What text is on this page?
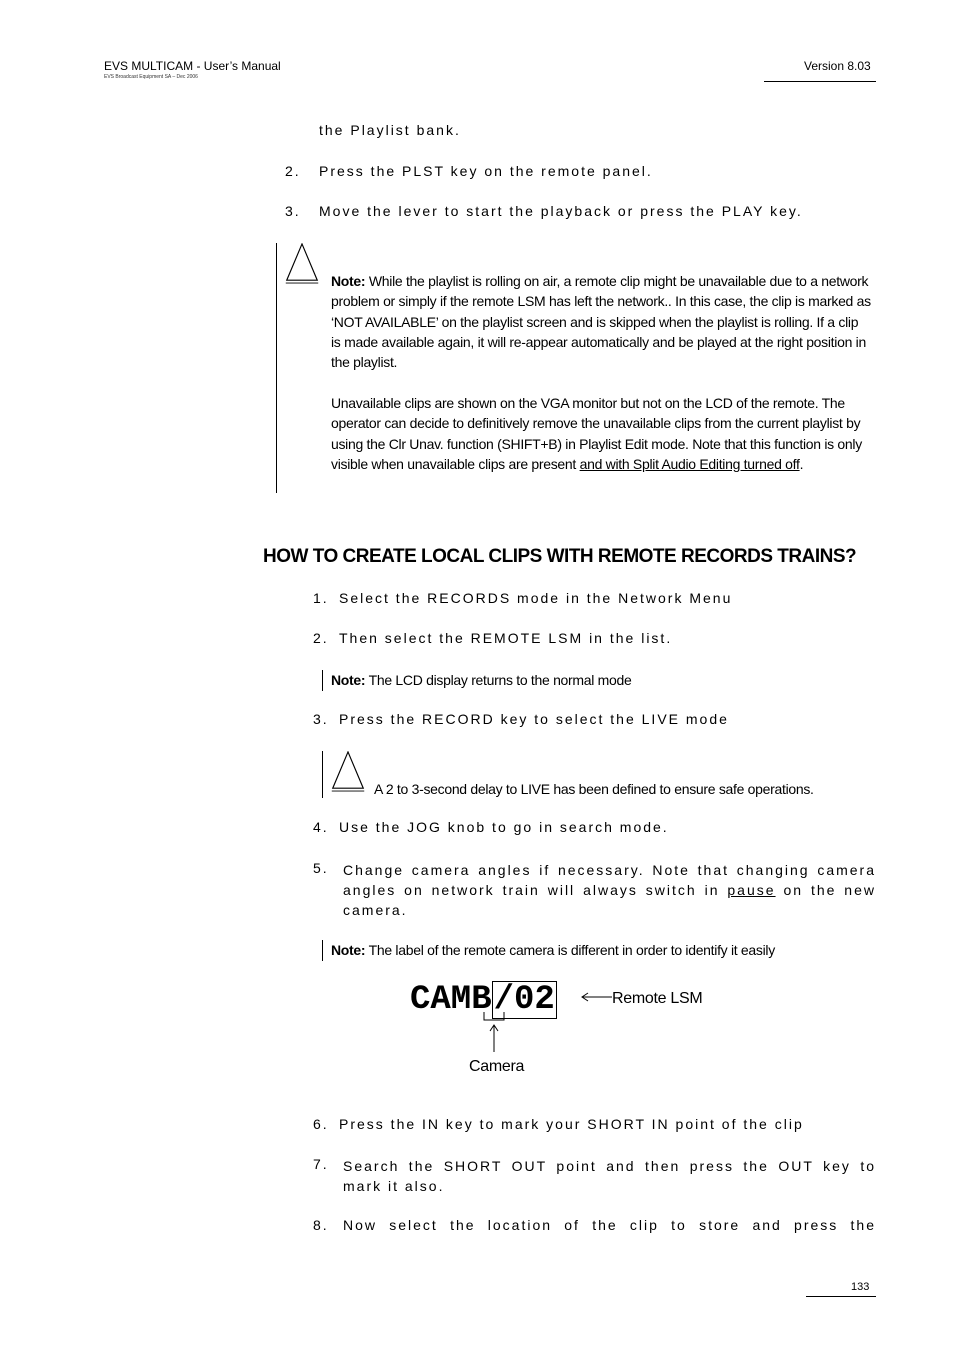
EVS MULTICAM - User’s Manual
EVS Broadcast Equipment SA – Dec 2006
Version 8.03
the Playlist bank.
2. Press the PLST key on the remote panel.
3. Move the lever to start the playback or press the PLAY key.
Note: While the playlist is rolling on air, a remote clip might be unavailable due to a network problem or simply if the remote LSM has left the network.. In this case, the clip is marked as ‘NOT AVAILABLE’ on the playlist screen and is skipped when the playlist is rolling. If a clip is made available again, it will re-appear automatically and be played at the right position in the playlist.
Unavailable clips are shown on the VGA monitor but not on the LCD of the remote. The operator can decide to definitively remove the unavailable clips from the current playlist by using the Clr Unav. function (SHIFT+B) in Playlist Edit mode. Note that this function is only visible when unavailable clips are present and with Split Audio Editing turned off.
HOW TO CREATE LOCAL CLIPS WITH REMOTE RECORDS TRAINS?
1. Select the RECORDS mode in the Network Menu
2. Then select the REMOTE LSM in the list.
Note: The LCD display returns to the normal mode
3. Press the RECORD key to select the LIVE mode
A 2 to 3-second delay to LIVE has been defined to ensure safe operations.
4. Use the JOG knob to go in search mode.
5.	Change camera angles if necessary. Note that changing camera angles on network train will always switch in pause on the new camera.
Note: The label of the remote camera is different in order to identify it easily
CAMB/02	Remote LSM
Camera
6. Press the IN key to mark your SHORT IN point of the clip
7.	Search the SHORT OUT point and then press the OUT key to mark it also.
8.	Now select the location of the clip to store and press the
133
